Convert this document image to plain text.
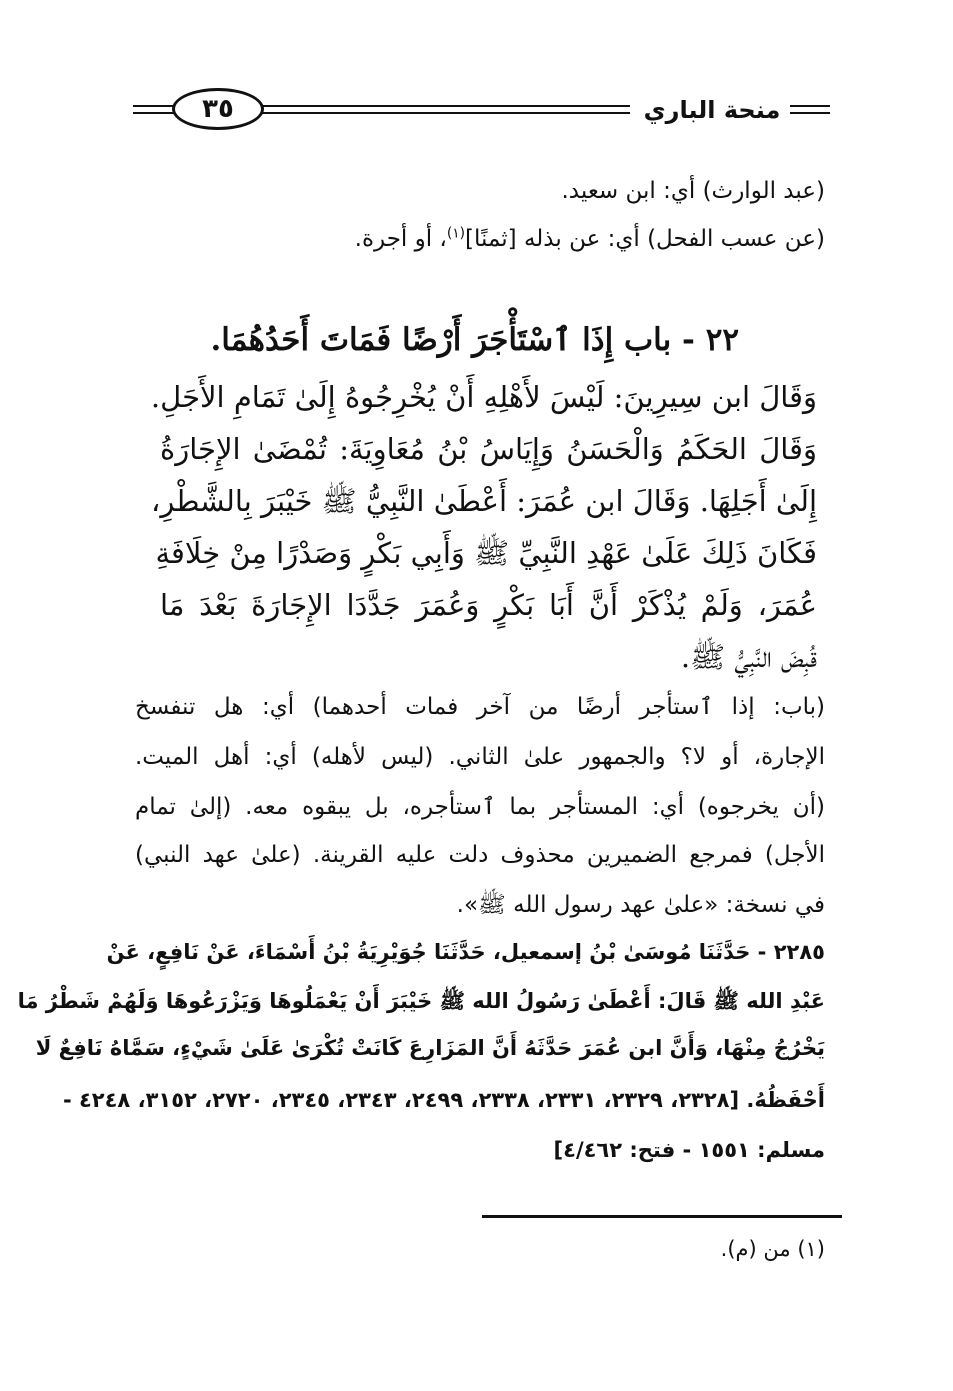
٣٥	منحة الباري
(عبد الوارث) أي: ابن سعيد.
(عن عسب الفحل) أي: عن بذله [ثمنًا]$^{(١)}$، أو أجرة.
٢٢ - باب إِذَا ٱسْتَأْجَرَ أَرْضًا فَمَاتَ أَحَدُهُمَا.
وَقَالَ ابن سِيرِينَ: لَيْسَ لأَهْلِهِ أَنْ يُخْرِجُوهُ إِلَىٰ تَمَامِ الأَجَلِ.
وَقَالَ الحَكَمُ وَالْحَسَنُ وَإِيَاسُ بْنُ مُعَاوِيَةَ: تُمْضَىٰ الإِجَارَةُ
إِلَىٰ أَجَلِهَا. وَقَالَ ابن عُمَرَ: أَعْطَىٰ النَّبِيُّ ﷺ خَيْبَرَ بِالشَّطْرِ،
فَكَانَ ذَلِكَ عَلَىٰ عَهْدِ النَّبِيِّ ﷺ وَأَبِي بَكْرٍ وَصَدْرًا مِنْ خِلَافَةِ
عُمَرَ، وَلَمْ يُذْكَرْ أَنَّ أَبَا بَكْرٍ وَعُمَرَ جَدَّدَا الإِجَارَةَ بَعْدَ مَا
قُبِضَ النَّبِيُّ ﷺ.
(باب: إذا ٱستأجر أرضًا من آخر فمات أحدهما) أي: هل تنفسخ
الإجارة، أو لا؟ والجمهور علىٰ الثاني. (ليس لأهله) أي: أهل الميت.
(أن يخرجوه) أي: المستأجر بما ٱستأجره، بل يبقوه معه. (إلىٰ تمام
الأجل) فمرجع الضميرين محذوف دلت عليه القرينة. (علىٰ عهد النبي)
في نسخة: «علىٰ عهد رسول الله ﷺ».
٢٢٨٥ - حَدَّثَنَا مُوسَىٰ بْنُ إسمعيل، حَدَّثَنَا جُوَيْرِيَةُ بْنُ أَسْمَاءَ، عَنْ نَافِعٍ، عَنْ
عَبْدِ الله ﷺ قَالَ: أَعْطَىٰ رَسُولُ الله ﷺ خَيْبَرَ أَنْ يَعْمَلُوهَا وَيَزْرَعُوهَا وَلَهُمْ شَطْرُ مَا
يَخْرُجُ مِنْهَا، وَأَنَّ ابن عُمَرَ حَدَّثَهُ أَنَّ المَزَارِعَ كَانَتْ تُكْرَىٰ عَلَىٰ شَيْءٍ، سَمَّاهُ نَافِعٌ لَا
أَحْفَظُهُ. [٢٣٢٨، ٢٣٢٩، ٢٣٣١، ٢٣٣٨، ٢٤٩٩، ٢٣٤٣، ٢٣٤٥، ٢٧٢٠، ٣١٥٢، ٤٢٤٨ -
مسلم: ١٥٥١ - فتح: ٤/٤٦٢]
(١) من (م).
